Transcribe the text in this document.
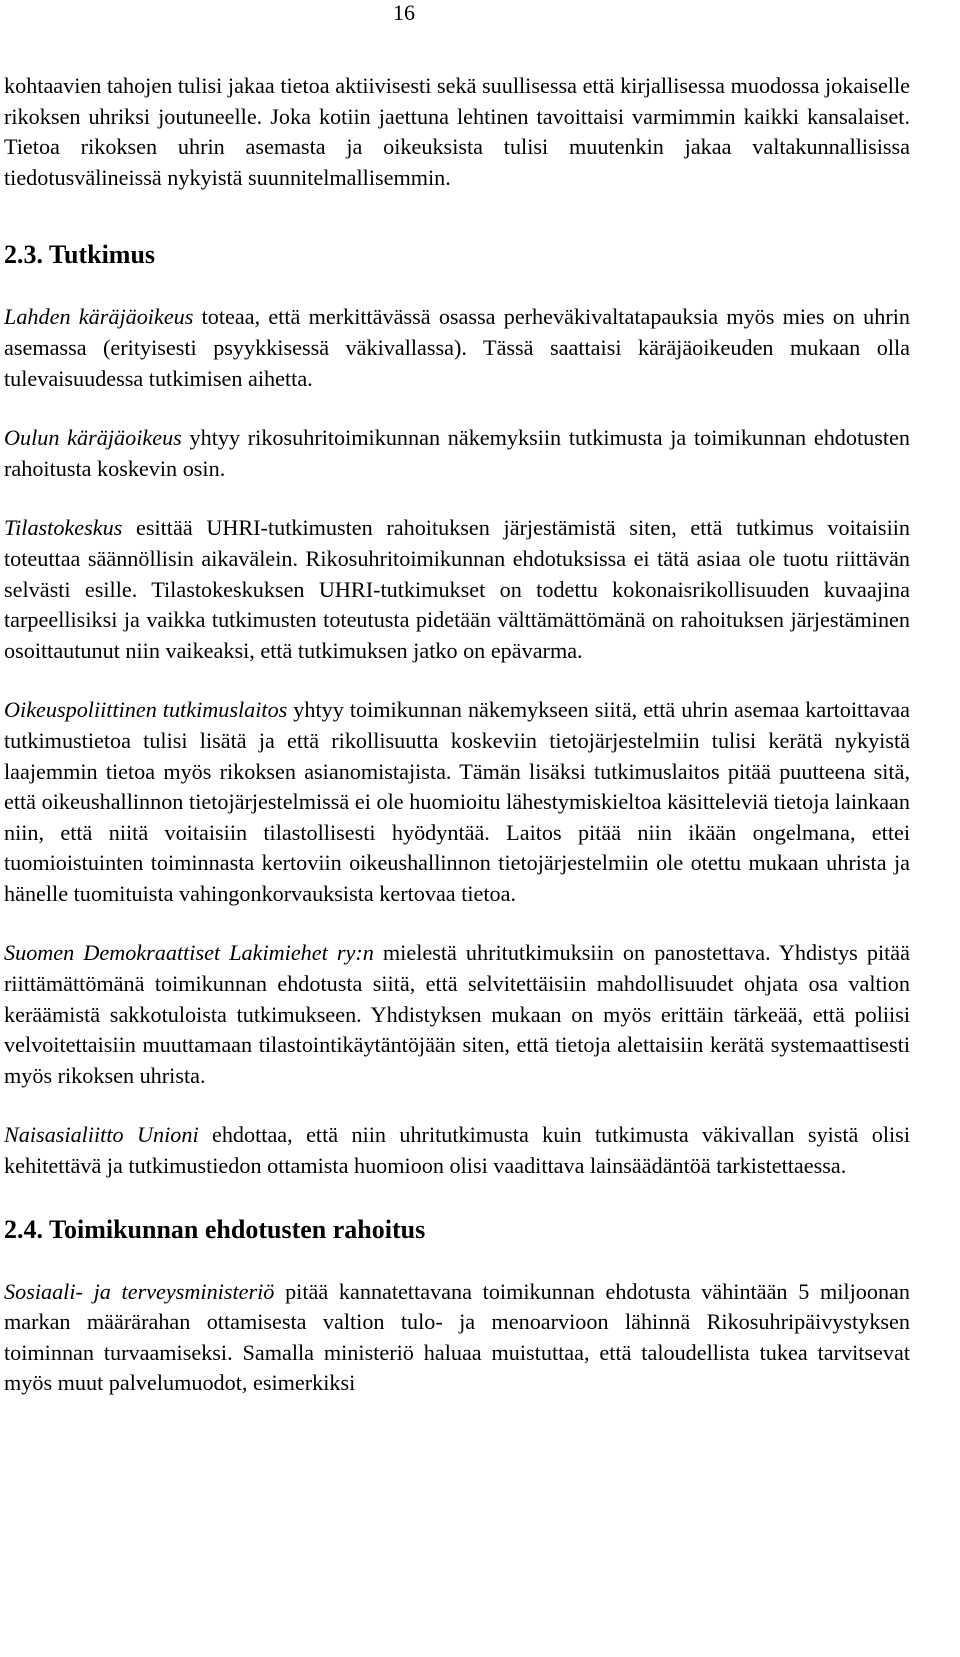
16

kohtaavien tahojen tulisi jakaa tietoa aktiivisesti sekä suullisessa että kirjallisessa muodossa jokaiselle rikoksen uhriksi joutuneelle. Joka kotiin jaettuna lehtinen tavoittaisi varmimmin kaikki kansalaiset. Tietoa rikoksen uhrin asemasta ja oikeuksista tulisi muutenkin jakaa valtakunnallisissa tiedotusvälineissä nykyistä suunnitelmallisemmin.

2.3. Tutkimus

Lahden käräjäoikeus toteaa, että merkittävässä osassa perheväkivaltatapauksia myös mies on uhrin asemassa (erityisesti psyykkisessä väkivallassa). Tässä saattaisi käräjäoikeuden mukaan olla tulevaisuudessa tutkimisen aihetta.

Oulun käräjäoikeus yhtyy rikosuhritoimikunnan näkemyksiin tutkimusta ja toimikunnan ehdotusten rahoitusta koskevin osin.

Tilastokeskus esittää UHRI-tutkimusten rahoituksen järjestämistä siten, että tutkimus voitaisiin toteuttaa säännöllisin aikavälein. Rikosuhritoimikunnan ehdotuksissa ei tätä asiaa ole tuotu riittävän selvästi esille. Tilastokeskuksen UHRI-tutkimukset on todettu kokonaisrikollisuuden kuvaajina tarpeellisiksi ja vaikka tutkimusten toteutusta pidetään välttämättömänä on rahoituksen järjestäminen osoittautunut niin vaikeaksi, että tutkimuksen jatko on epävarma.

Oikeuspoliittinen tutkimuslaitos yhtyy toimikunnan näkemykseen siitä, että uhrin asemaa kartoittavaa tutkimustietoa tulisi lisätä ja että rikollisuutta koskeviin tietojärjestelmiin tulisi kerätä nykyistä laajemmin tietoa myös rikoksen asianomistajista. Tämän lisäksi tutkimuslaitos pitää puutteena sitä, että oikeushallinnon tietojärjestelmissä ei ole huomioitu lähestymiskieltoa käsitteleviä tietoja lainkaan niin, että niitä voitaisiin tilastollisesti hyödyntää. Laitos pitää niin ikään ongelmana, ettei tuomioistuinten toiminnasta kertoviin oikeushallinnon tietojärjestelmiin ole otettu mukaan uhrista ja hänelle tuomituista vahingonkorvauksista kertovaa tietoa.

Suomen Demokraattiset Lakimiehet ry:n mielestä uhritutkimuksiin on panostettava. Yhdistys pitää riittämättömänä toimikunnan ehdotusta siitä, että selvitettäisiin mahdollisuudet ohjata osa valtion keräämistä sakkotuloista tutkimukseen. Yhdistyksen mukaan on myös erittäin tärkeää, että poliisi velvoitettaisiin muuttamaan tilastointikäytäntöjään siten, että tietoja alettaisiin kerätä systemaattisesti myös rikoksen uhrista.

Naisasialiitto Unioni ehdottaa, että niin uhritutkimusta kuin tutkimusta väkivallan syistä olisi kehitettävä ja tutkimustiedon ottamista huomioon olisi vaadittava lainsäädäntöä tarkistettaessa.

2.4. Toimikunnan ehdotusten rahoitus

Sosiaali- ja terveysministeriö pitää kannatettavana toimikunnan ehdotusta vähintään 5 miljoonan markan määrärahan ottamisesta valtion tulo- ja menoarvioon lähinnä Rikosuhripäivystyksen toiminnan turvaamiseksi. Samalla ministeriö haluaa muistuttaa, että taloudellista tukea tarvitsevat myös muut palvelumuodot, esimerkiksi
